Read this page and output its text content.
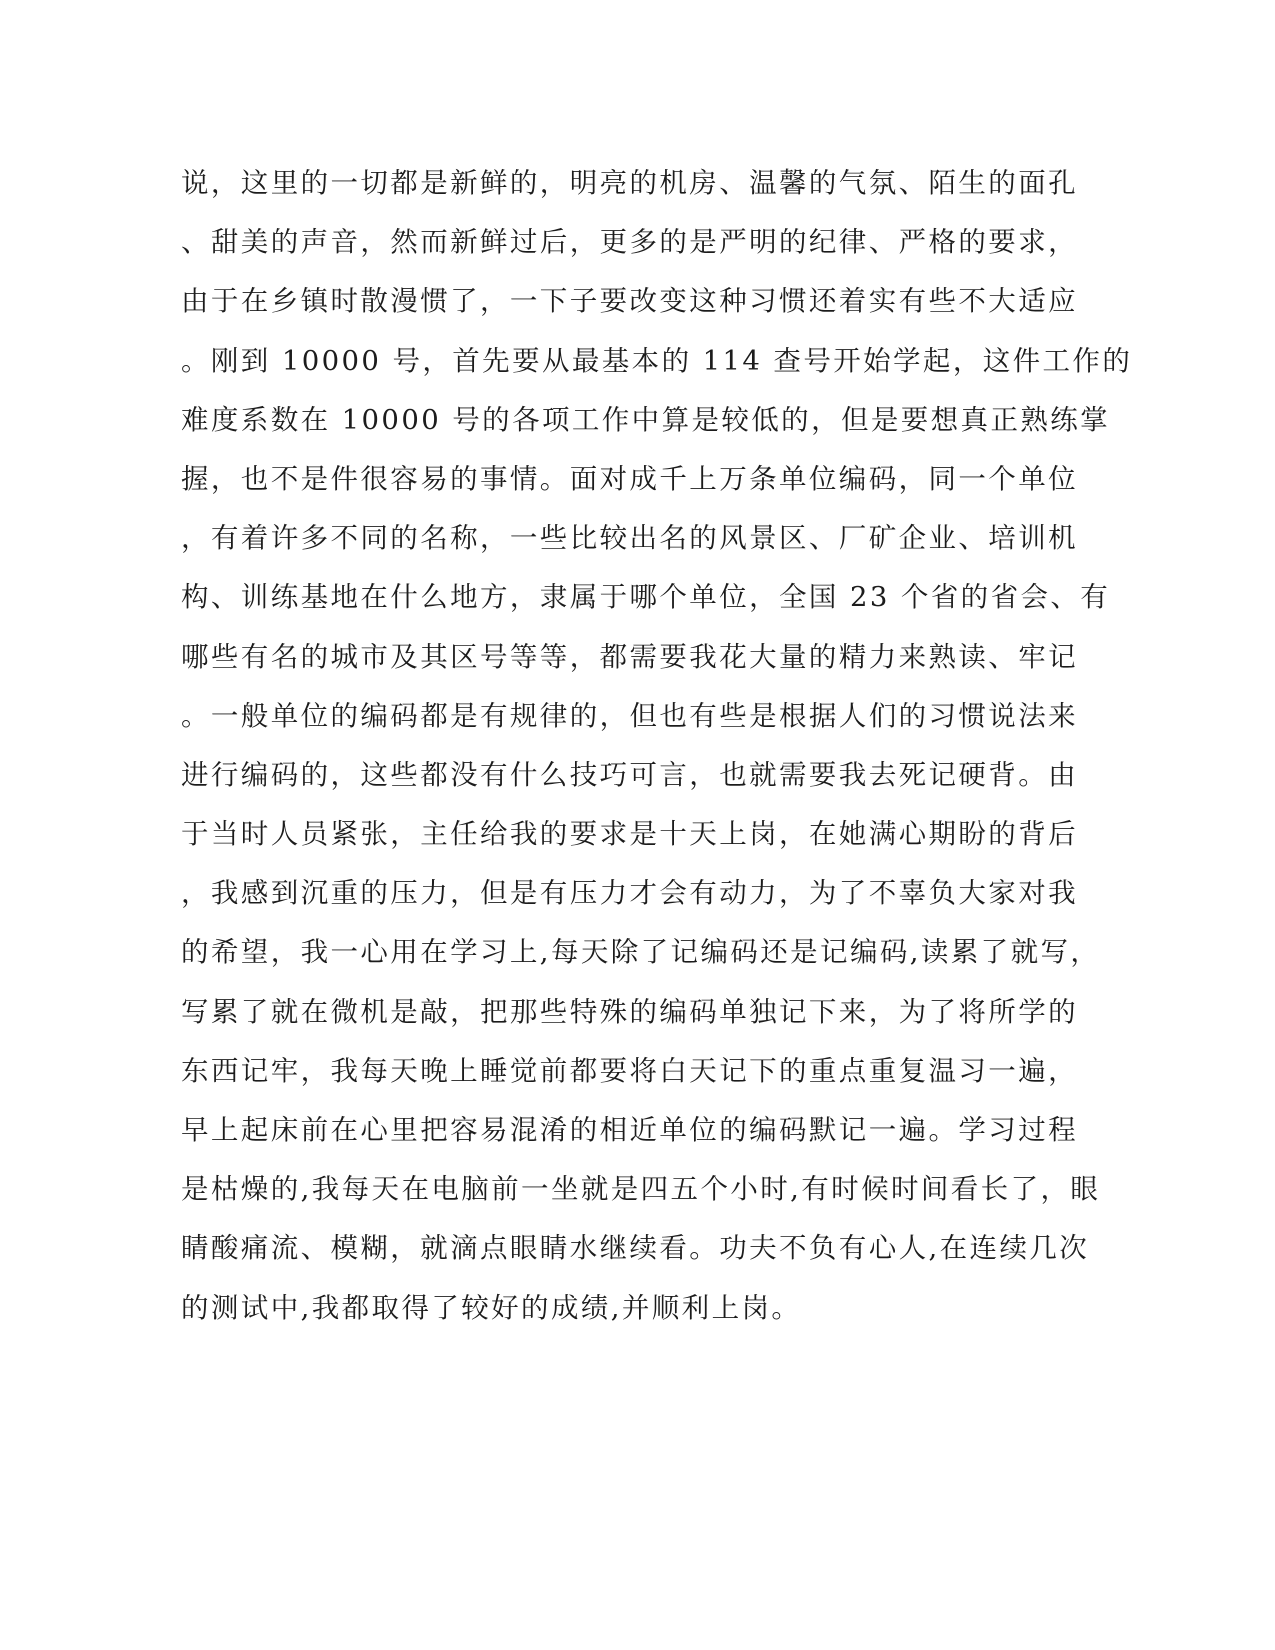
说，这里的一切都是新鲜的，明亮的机房、温馨的气氛、陌生的面孔
、甜美的声音，然而新鲜过后，更多的是严明的纪律、严格的要求，
由于在乡镇时散漫惯了，一下子要改变这种习惯还着实有些不大适应
。刚到 10000 号，首先要从最基本的 114 查号开始学起，这件工作的
难度系数在 10000 号的各项工作中算是较低的，但是要想真正熟练掌
握，也不是件很容易的事情。面对成千上万条单位编码，同一个单位
，有着许多不同的名称，一些比较出名的风景区、厂矿企业、培训机
构、训练基地在什么地方，隶属于哪个单位，全国 23 个省的省会、有
哪些有名的城市及其区号等等，都需要我花大量的精力来熟读、牢记
。一般单位的编码都是有规律的，但也有些是根据人们的习惯说法来
进行编码的，这些都没有什么技巧可言，也就需要我去死记硬背。由
于当时人员紧张，主任给我的要求是十天上岗，在她满心期盼的背后
，我感到沉重的压力，但是有压力才会有动力，为了不辜负大家对我
的希望，我一心用在学习上,每天除了记编码还是记编码,读累了就写，
写累了就在微机是敲，把那些特殊的编码单独记下来，为了将所学的
东西记牢，我每天晚上睡觉前都要将白天记下的重点重复温习一遍，
早上起床前在心里把容易混淆的相近单位的编码默记一遍。学习过程
是枯燥的,我每天在电脑前一坐就是四五个小时,有时候时间看长了，眼
睛酸痛流、模糊，就滴点眼睛水继续看。功夫不负有心人,在连续几次
的测试中,我都取得了较好的成绩,并顺利上岗。
